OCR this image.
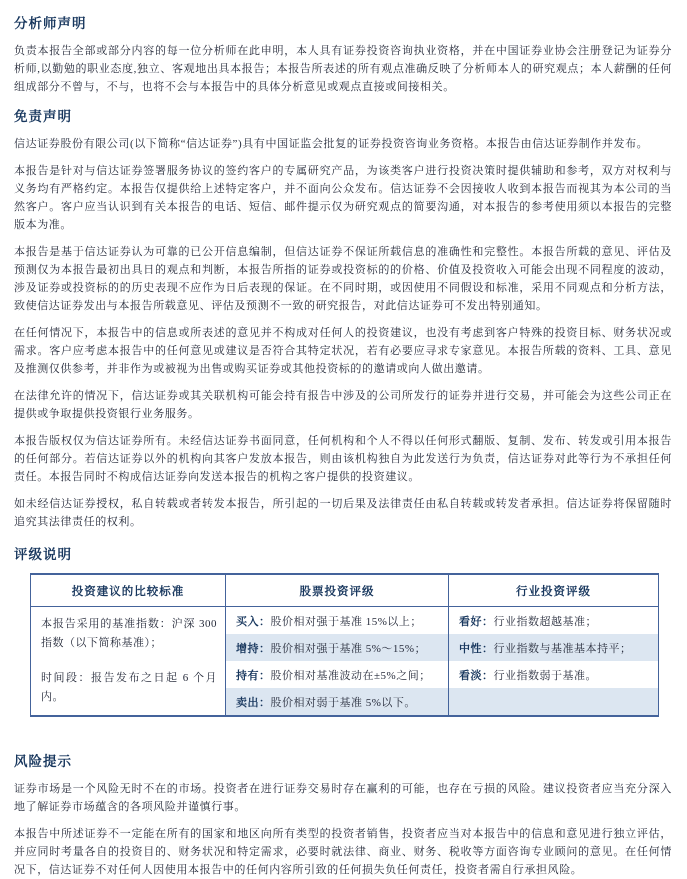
分析师声明

负责本报告全部或部分内容的每一位分析师在此申明，本人具有证券投资咨询执业资格，并在中国证券业协会注册登记为证券分析师,以勤勉的职业态度,独立、客观地出具本报告；本报告所表述的所有观点准确反映了分析师本人的研究观点；本人薪酬的任何组成部分不曾与，不与，也将不会与本报告中的具体分析意见或观点直接或间接相关。

免责声明

信达证券股份有限公司(以下简称“信达证券”)具有中国证监会批复的证券投资咨询业务资格。本报告由信达证券制作并发布。

本报告是针对与信达证券签署服务协议的签约客户的专属研究产品，为该类客户进行投资决策时提供辅助和参考，双方对权利与义务均有严格约定。本报告仅提供给上述特定客户，并不面向公众发布。信达证券不会因接收人收到本报告而视其为本公司的当然客户。客户应当认识到有关本报告的电话、短信、邮件提示仅为研究观点的简要沟通，对本报告的参考使用须以本报告的完整版本为准。

本报告是基于信达证券认为可靠的已公开信息编制，但信达证券不保证所载信息的准确性和完整性。本报告所载的意见、评估及预测仅为本报告最初出具日的观点和判断，本报告所指的证券或投资标的的价格、价值及投资收入可能会出现不同程度的波动，涉及证券或投资标的的历史表现不应作为日后表现的保证。在不同时期，或因使用不同假设和标准，采用不同观点和分析方法，致使信达证券发出与本报告所载意见、评估及预测不一致的研究报告，对此信达证券可不发出特别通知。

在任何情况下，本报告中的信息或所表述的意见并不构成对任何人的投资建议，也没有考虑到客户特殊的投资目标、财务状况或需求。客户应考虑本报告中的任何意见或建议是否符合其特定状况，若有必要应寻求专家意见。本报告所载的资料、工具、意见及推测仅供参考，并非作为或被视为出售或购买证券或其他投资标的的邀请或向人做出邀请。

在法律允许的情况下，信达证券或其关联机构可能会持有报告中涉及的公司所发行的证券并进行交易，并可能会为这些公司正在提供或争取提供投资银行业务服务。

本报告版权仅为信达证券所有。未经信达证券书面同意，任何机构和个人不得以任何形式翻版、复制、发布、转发或引用本报告的任何部分。若信达证券以外的机构向其客户发放本报告，则由该机构独自为此发送行为负责，信达证券对此等行为不承担任何责任。本报告同时不构成信达证券向发送本报告的机构之客户提供的投资建议。

如未经信达证券授权，私自转载或者转发本报告，所引起的一切后果及法律责任由私自转载或转发者承担。信达证券将保留随时追究其法律责任的权利。

评级说明
投资建议的比较标准	股票投资评级	行业投资评级

本报告采用的基准指数：沪深 300 指数（以下简称基准）；

时间段：报告发布之日起 6 个月内。	买入：股价相对强于基准 15%以上；	看好：行业指数超越基准；
	增持：股价相对强于基准 5%～15%；	中性：行业指数与基准基本持平；
	持有：股价相对基准波动在±5%之间；	看淡：行业指数弱于基准。
	卖出：股价相对弱于基准 5%以下。	
风险提示

证券市场是一个风险无时不在的市场。投资者在进行证券交易时存在赢利的可能，也存在亏损的风险。建议投资者应当充分深入地了解证券市场蕴含的各项风险并谨慎行事。

本报告中所述证券不一定能在所有的国家和地区向所有类型的投资者销售，投资者应当对本报告中的信息和意见进行独立评估，并应同时考量各自的投资目的、财务状况和特定需求，必要时就法律、商业、财务、税收等方面咨询专业顾问的意见。在任何情况下，信达证券不对任何人因使用本报告中的任何内容所引致的任何损失负任何责任，投资者需自行承担风险。
